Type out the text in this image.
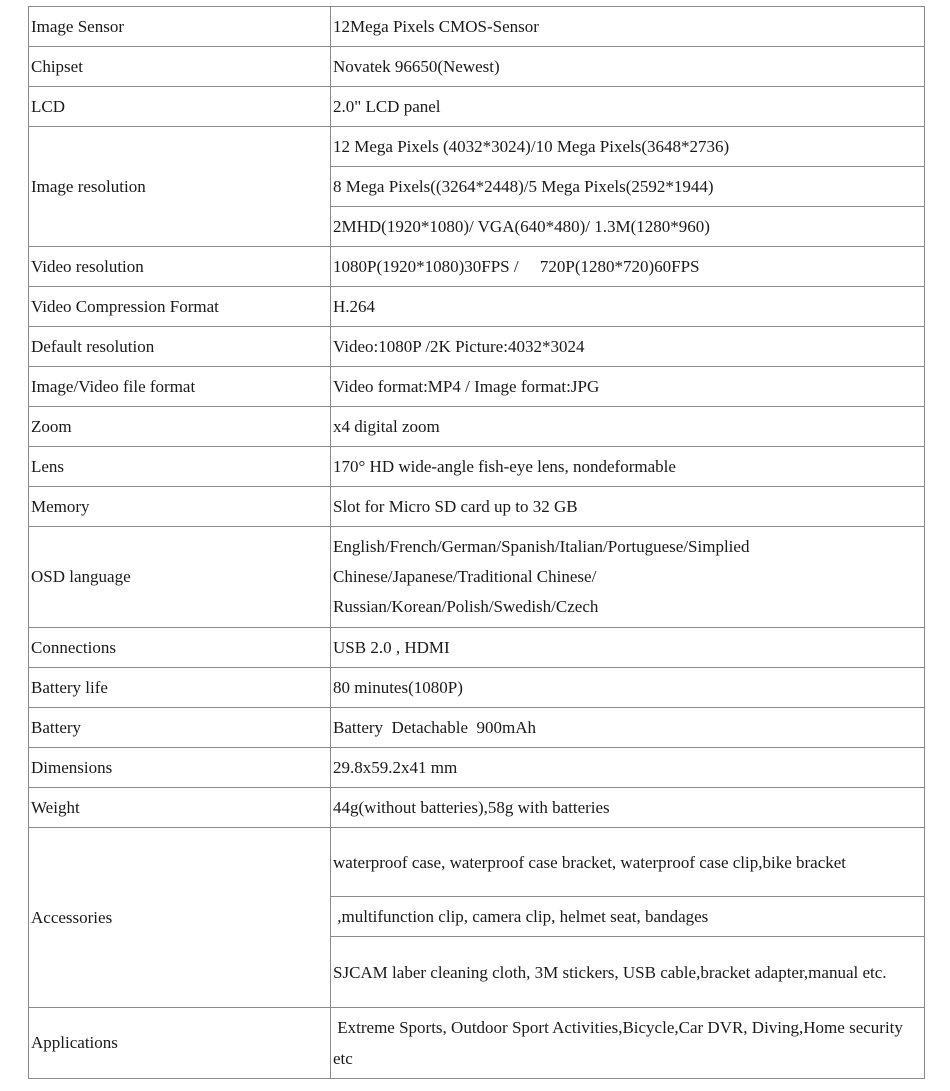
Image Sensor	12Mega Pixels CMOS-Sensor
Chipset	Novatek 96650(Newest)
LCD	2.0" LCD panel
Image resolution	12 Mega Pixels (4032*3024)/10 Mega Pixels(3648*2736)
	8 Mega Pixels((3264*2448)/5 Mega Pixels(2592*1944)
	2MHD(1920*1080)/ VGA(640*480)/ 1.3M(1280*960)
Video resolution	1080P(1920*1080)30FPS /     720P(1280*720)60FPS
Video Compression Format	H.264
Default resolution	Video:1080P /2K Picture:4032*3024
Image/Video file format	Video format:MP4 / Image format:JPG
Zoom	x4 digital zoom
Lens	170° HD wide-angle fish-eye lens, nondeformable
Memory	Slot for Micro SD card up to 32 GB
OSD language	English/French/German/Spanish/Italian/Portuguese/Simplied
Chinese/Japanese/Traditional Chinese/
Russian/Korean/Polish/Swedish/Czech

Connections	USB 2.0 , HDMI
Battery life	80 minutes(1080P)
Battery	Battery  Detachable  900mAh
Dimensions	29.8x59.2x41 mm
Weight	44g(without batteries),58g with batteries
Accessories	waterproof case, waterproof case bracket, waterproof case clip,bike bracket
	,multifunction clip, camera clip, helmet seat, bandages
	SJCAM laber cleaning cloth, 3M stickers, USB cable,bracket adapter,manual etc.
Applications	Extreme Sports, Outdoor Sport Activities,Bicycle,Car DVR, Diving,Home security etc
